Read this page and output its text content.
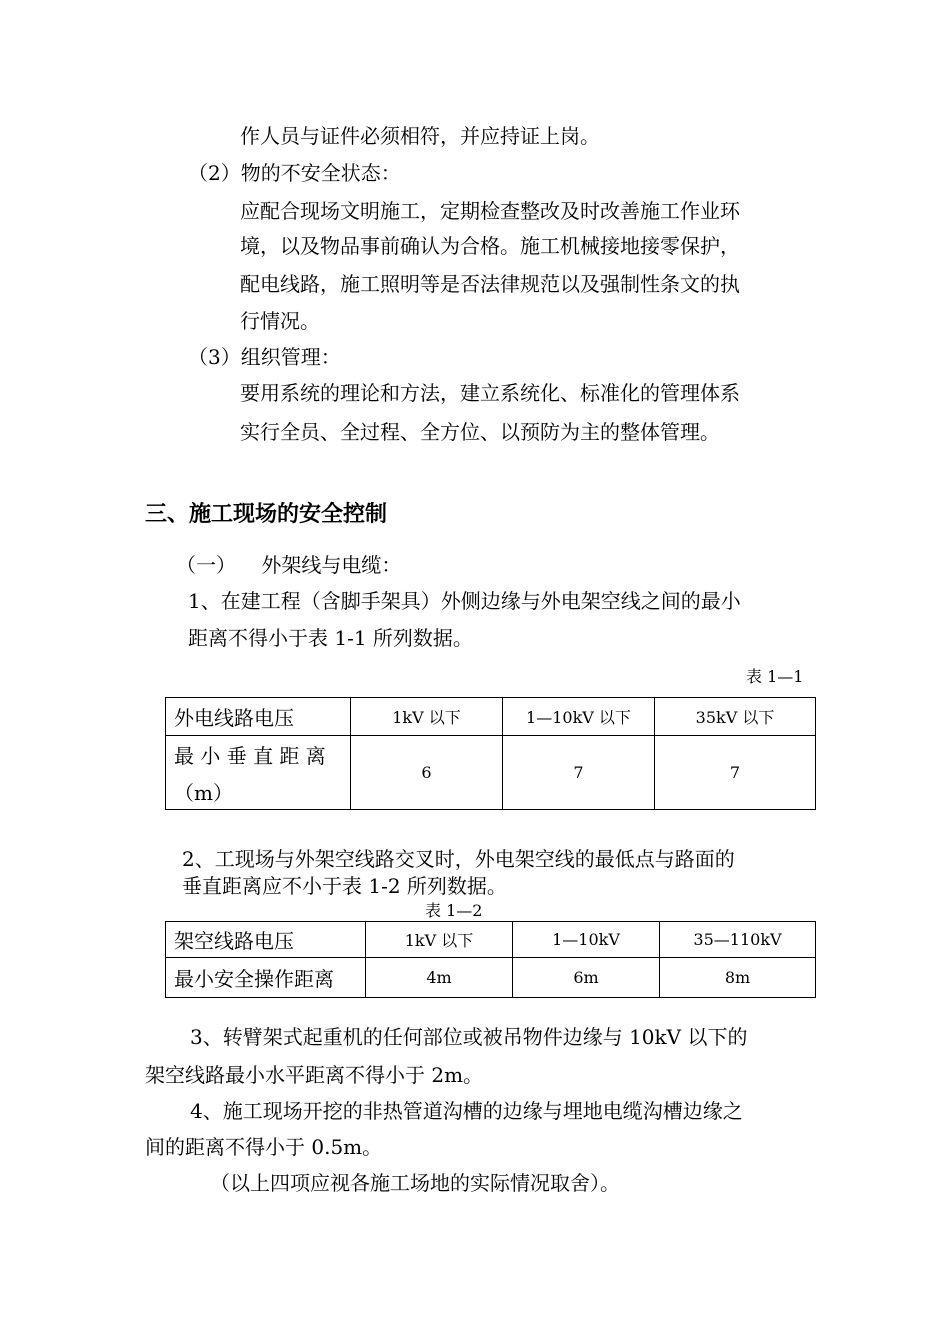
作人员与证件必须相符，并应持证上岗。
（2）物的不安全状态：
应配合现场文明施工，定期检查整改及时改善施工作业环
境，以及物品事前确认为合格。施工机械接地接零保护，
配电线路，施工照明等是否法律规范以及强制性条文的执
行情况。
（3）组织管理：
要用系统的理论和方法，建立系统化、标准化的管理体系
实行全员、全过程、全方位、以预防为主的整体管理。
三、施工现场的安全控制
（一）    外架线与电缆：
1、在建工程（含脚手架具）外侧边缘与外电架空线之间的最小
距离不得小于表 1-1 所列数据。
表 1—1
外电线路电压	1kV 以下	1—10kV 以下	35kV 以下

最 小 垂 直 距 离
（m）	6	7	7
2、工现场与外架空线路交叉时，外电架空线的最低点与路面的
垂直距离应不小于表 1-2 所列数据。
表 1—2
架空线路电压	1kV 以下	1—10kV	35—110kV
最小安全操作距离	4m	6m	8m
3、转臂架式起重机的任何部位或被吊物件边缘与 10kV 以下的
架空线路最小水平距离不得小于 2m。
4、施工现场开挖的非热管道沟槽的边缘与埋地电缆沟槽边缘之
间的距离不得小于 0.5m。
（以上四项应视各施工场地的实际情况取舍）。
